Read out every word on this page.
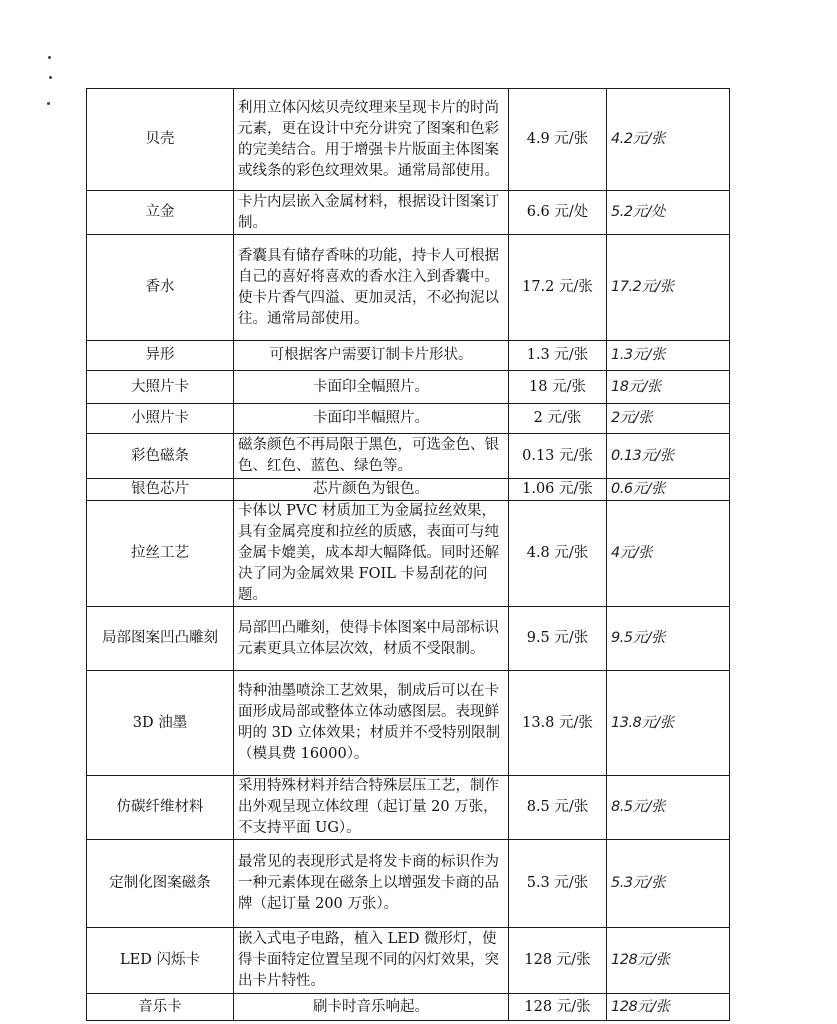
贝壳	利用立体闪炫贝壳纹理来呈现卡片的时尚元素，更在设计中充分讲究了图案和色彩的完美结合。用于增强卡片版面主体图案或线条的彩色纹理效果。通常局部使用。	4.9 元/张	4.2元/张
立金	卡片内层嵌入金属材料，根据设计图案订制。	6.6 元/处	5.2元/处
香水	香囊具有储存香味的功能，持卡人可根据自己的喜好将喜欢的香水注入到香囊中。使卡片香气四溢、更加灵活，不必拘泥以往。通常局部使用。	17.2 元/张	17.2元/张
异形	可根据客户需要订制卡片形状。	1.3 元/张	1.3元/张
大照片卡	卡面印全幅照片。	18 元/张	18元/张
小照片卡	卡面印半幅照片。	2 元/张	2元/张
彩色磁条	磁条颜色不再局限于黑色，可选金色、银色、红色、蓝色、绿色等。	0.13 元/张	0.13元/张
银色芯片	芯片颜色为银色。	1.06 元/张	0.6元/张
拉丝工艺	卡体以 PVC 材质加工为金属拉丝效果，具有金属亮度和拉丝的质感，表面可与纯金属卡媲美，成本却大幅降低。同时还解决了同为金属效果 FOIL 卡易刮花的问题。	4.8 元/张	4元/张
局部图案凹凸雕刻	局部凹凸雕刻，使得卡体图案中局部标识元素更具立体层次效，材质不受限制。	9.5 元/张	9.5元/张
3D 油墨	特种油墨喷涂工艺效果，制成后可以在卡面形成局部或整体立体动感图层。表现鲜明的 3D 立体效果；材质并不受特别限制（模具费 16000）。	13.8 元/张	13.8元/张
仿碳纤维材料	采用特殊材料并结合特殊层压工艺，制作出外观呈现立体纹理（起订量 20 万张，不支持平面 UG）。	8.5 元/张	8.5元/张
定制化图案磁条	最常见的表现形式是将发卡商的标识作为一种元素体现在磁条上以增强发卡商的品牌（起订量 200 万张）。	5.3 元/张	5.3元/张
LED 闪烁卡	嵌入式电子电路，植入 LED 微形灯，使得卡面特定位置呈现不同的闪灯效果，突出卡片特性。	128 元/张	128元/张
音乐卡	刷卡时音乐响起。	128 元/张	128元/张
